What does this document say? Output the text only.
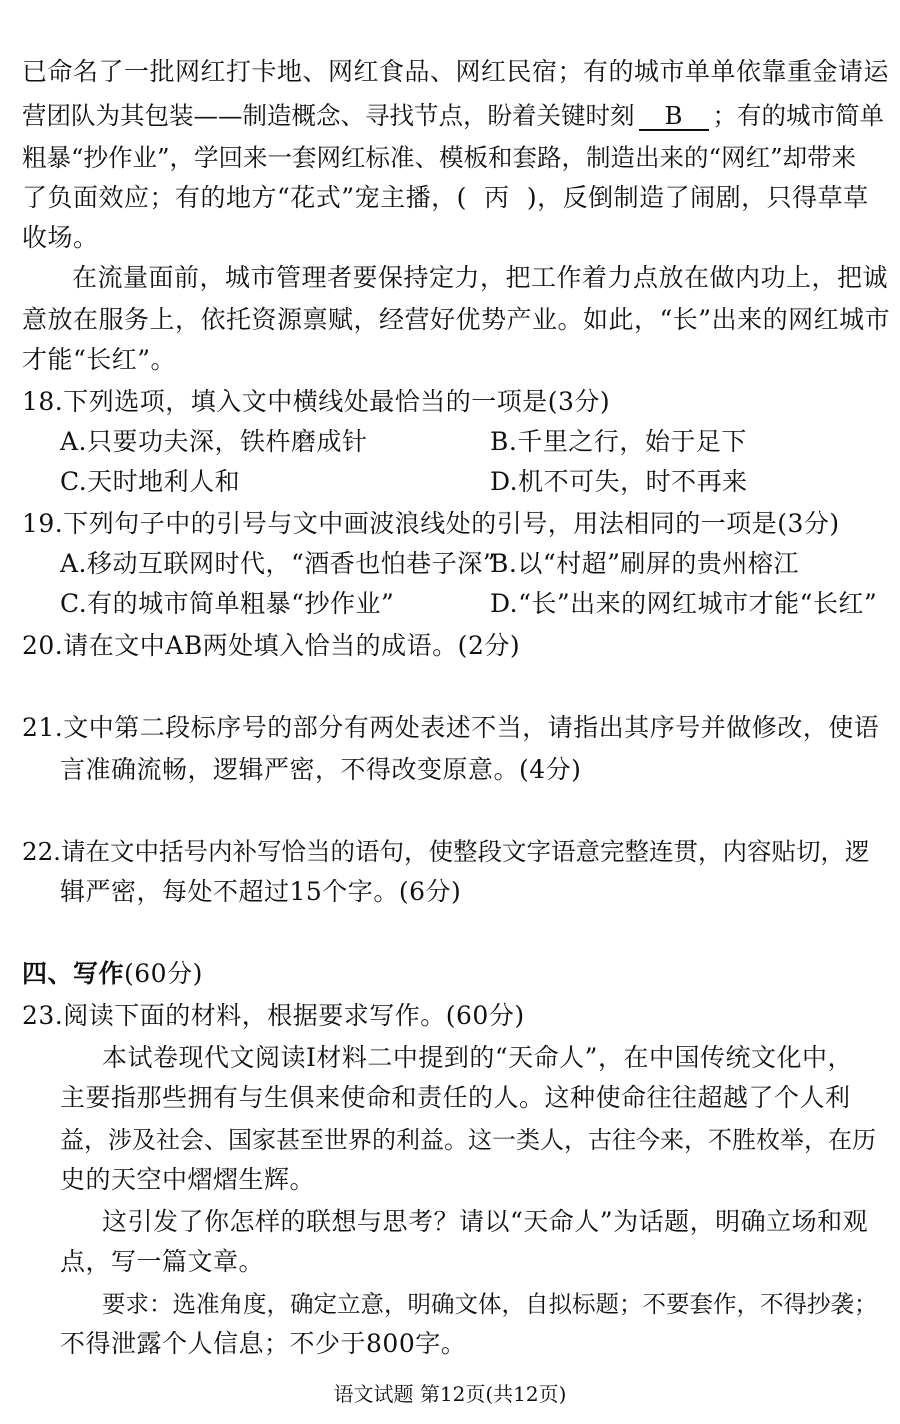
已命名了一批网红打卡地、网红食品、网红民宿；有的城市单单依靠重金请运
营团队为其包装——制造概念、寻找节点，盼着关键时刻 B ；有的城市简单
粗暴“抄作业”，学回来一套网红标准、模板和套路，制造出来的“网红”却带来
了负面效应；有的地方“花式”宠主播，( 丙 )，反倒制造了闹剧，只得草草
收场。
在流量面前，城市管理者要保持定力，把工作着力点放在做内功上，把诚
意放在服务上，依托资源禀赋，经营好优势产业。如此，“长”出来的网红城市
才能“长红”。
18.下列选项，填入文中横线处最恰当的一项是(3分)
A.只要功夫深，铁杵磨成针	B.千里之行，始于足下
C.天时地利人和	D.机不可失，时不再来
19.下列句子中的引号与文中画波浪线处的引号，用法相同的一项是(3分)
A.移动互联网时代，“酒香也怕巷子深”
B.以“村超”刷屏的贵州榕江
C.有的城市简单粗暴“抄作业”	D.“长”出来的网红城市才能“长红”
20.请在文中AB两处填入恰当的成语。(2分)
21.文中第二段标序号的部分有两处表述不当，请指出其序号并做修改，使语
言准确流畅，逻辑严密，不得改变原意。(4分)
22.请在文中括号内补写恰当的语句，使整段文字语意完整连贯，内容贴切，逻
辑严密，每处不超过15个字。(6分)
四、写作(60分)
23.阅读下面的材料，根据要求写作。(60分)
本试卷现代文阅读Ⅰ材料二中提到的“天命人”，在中国传统文化中，
主要指那些拥有与生俱来使命和责任的人。这种使命往往超越了个人利
益，涉及社会、国家甚至世界的利益。这一类人，古往今来，不胜枚举，在历
史的天空中熠熠生辉。
这引发了你怎样的联想与思考？请以“天命人”为话题，明确立场和观
点，写一篇文章。
要求：选准角度，确定立意，明确文体，自拟标题；不要套作，不得抄袭；
不得泄露个人信息；不少于800字。
语文试题 第12页(共12页)
